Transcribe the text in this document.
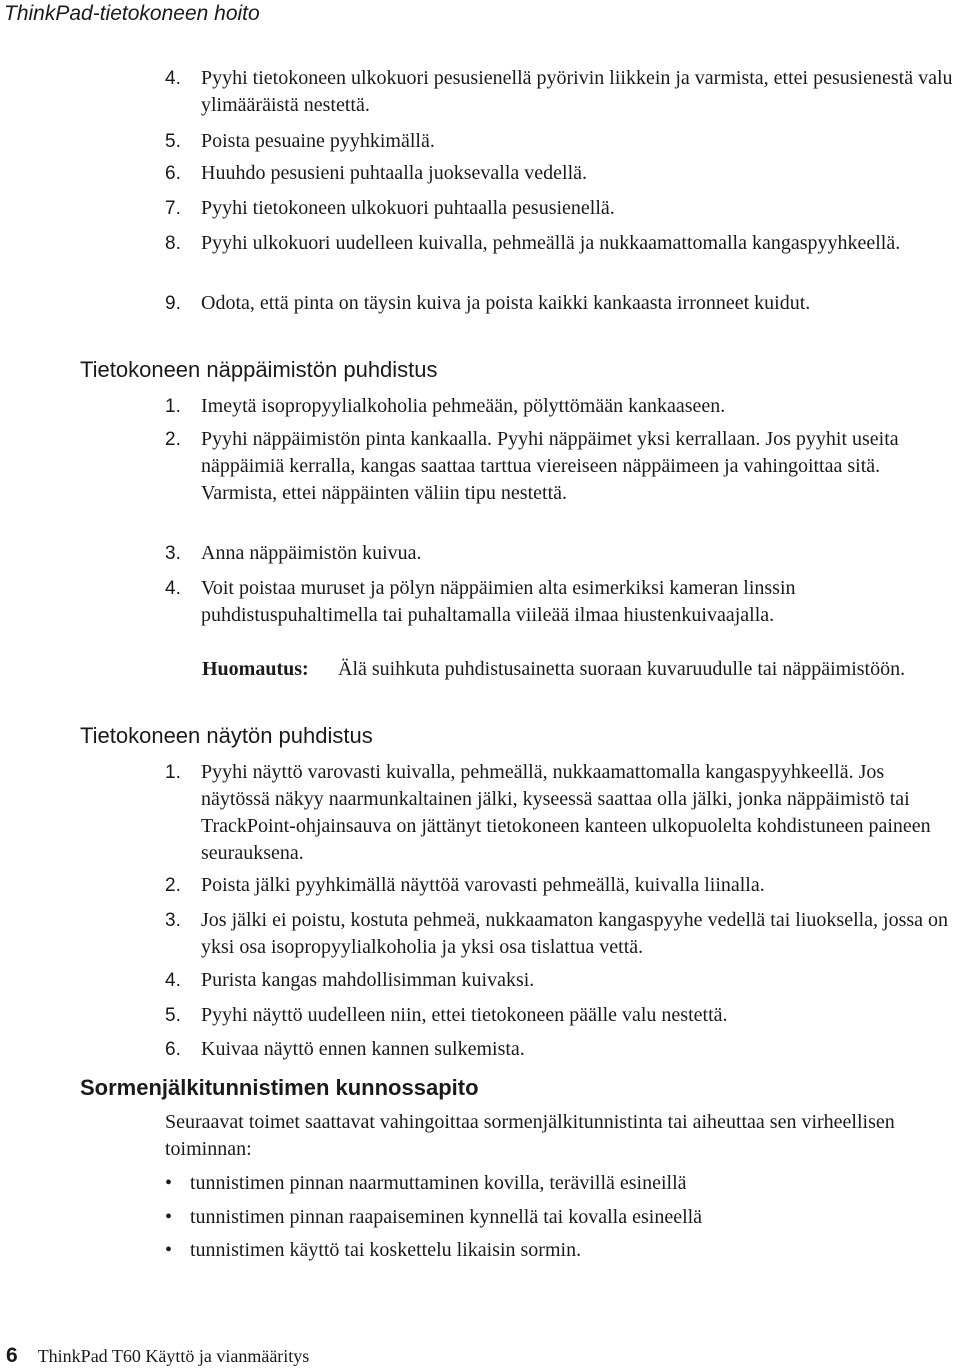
ThinkPad-tietokoneen hoito
4.	Pyyhi tietokoneen ulkokuori pesusienellä pyörivin liikkein ja varmista, ettei pesusienestä valu ylimääräistä nestettä.
5.	Poista pesuaine pyyhkimällä.
6.	Huuhdo pesusieni puhtaalla juoksevalla vedellä.
7.	Pyyhi tietokoneen ulkokuori puhtaalla pesusienellä.
8.	Pyyhi ulkokuori uudelleen kuivalla, pehmeällä ja nukkaamattomalla kangaspyyhkeellä.
9.	Odota, että pinta on täysin kuiva ja poista kaikki kankaasta irronneet kuidut.
Tietokoneen näppäimistön puhdistus
1.	Imeytä isopropyylialkoholia pehmeään, pölyttömään kankaaseen.
2.	Pyyhi näppäimistön pinta kankaalla. Pyyhi näppäimet yksi kerrallaan. Jos pyyhit useita näppäimiä kerralla, kangas saattaa tarttua viereiseen näppäimeen ja vahingoittaa sitä. Varmista, ettei näppäinten väliin tipu nestettä.
3.	Anna näppäimistön kuivua.
4.	Voit poistaa muruset ja pölyn näppäimien alta esimerkiksi kameran linssin puhdistuspuhaltimella tai puhaltamalla viileää ilmaa hiustenkuivaajalla.
Huomautus: Älä suihkuta puhdistusainetta suoraan kuvaruudulle tai näppäimistöön.
Tietokoneen näytön puhdistus
1.	Pyyhi näyttö varovasti kuivalla, pehmeällä, nukkaamattomalla kangaspyyhkeellä. Jos näytössä näkyy naarmunkaltainen jälki, kyseessä saattaa olla jälki, jonka näppäimistö tai TrackPoint-ohjainsauva on jättänyt tietokoneen kanteen ulkopuolelta kohdistuneen paineen seurauksena.
2.	Poista jälki pyyhkimällä näyttöä varovasti pehmeällä, kuivalla liinalla.
3.	Jos jälki ei poistu, kostuta pehmeä, nukkaamaton kangaspyyhe vedellä tai liuoksella, jossa on yksi osa isopropyylialkoholia ja yksi osa tislattua vettä.
4.	Purista kangas mahdollisimman kuivaksi.
5.	Pyyhi näyttö uudelleen niin, ettei tietokoneen päälle valu nestettä.
6.	Kuivaa näyttö ennen kannen sulkemista.
Sormenjälkitunnistimen kunnossapito
Seuraavat toimet saattavat vahingoittaa sormenjälkitunnistinta tai aiheuttaa sen virheellisen toiminnan:
• tunnistimen pinnan naarmuttaminen kovilla, terävillä esineillä
• tunnistimen pinnan raapaiseminen kynnellä tai kovalla esineellä
• tunnistimen käyttö tai koskettelu likaisin sormin.
6 ThinkPad T60 Käyttö ja vianmääritys
